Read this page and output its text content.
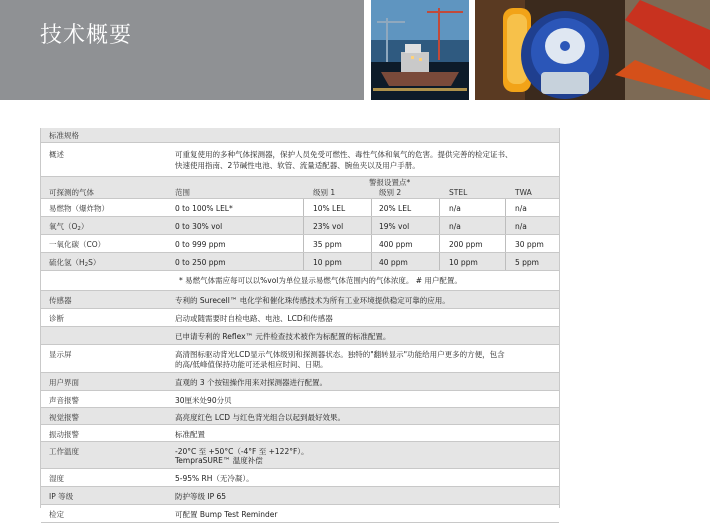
技术概要
标准规格
概述	可重复使用的多种气体探测器，保护人员免受可燃性、毒性气体和氧气的危害。提供完善的检定证书、
快速使用指南、2节碱性电池、软管、流量适配器、腕鱼夹以及用户手册。
警报设置点*
可探测的气体	范围	级别 1	级别 2	STEL	TWA
易燃物（爆炸物）	0 to 100% LEL*	10% LEL	20% LEL	n/a	n/a
氧气（O2）	0 to 30% vol	23% vol	19% vol	n/a	n/a
一氧化碳（CO）	0 to 999 ppm	35 ppm	400 ppm	200 ppm	30 ppm
硫化氢（H2S）	0 to 250 ppm	10 ppm	40 ppm	10 ppm	5 ppm
* 易燃气体需应每可以以%vol为单位显示易燃气体范围内的气体浓度。 # 用户配置。
传感器	专利的 Surecell™ 电化学和催化珠传感技术为所有工业环境提供稳定可靠的应用。
诊断	启动或随需要时自检电路、电池、LCD和传感器
已申请专利的 Reflex™ 元件检查技术被作为标配置的标准配置。
显示屏	高清图标驱动背光LCD显示气体级别和探测器状态。独特的"翻转显示"功能给用户更多的方便，包含
的高/低峰值保持功能可还录相应时间、日期。
用户界面	直观的 3 个按钮操作用来对探测器进行配置。
声音报警	30厘米处90分贝
视觉报警	高亮度红色 LCD 与红色背光组合以起到最好效果。
振动报警	标准配置
工作温度	-20°C 至 +50°C（-4°F 至 +122°F）。
TempraSURE™ 温度补偿
湿度	5-95% RH（无冷凝）。
IP 等级	防护等级 IP 65
检定	可配置 Bump Test Reminder
